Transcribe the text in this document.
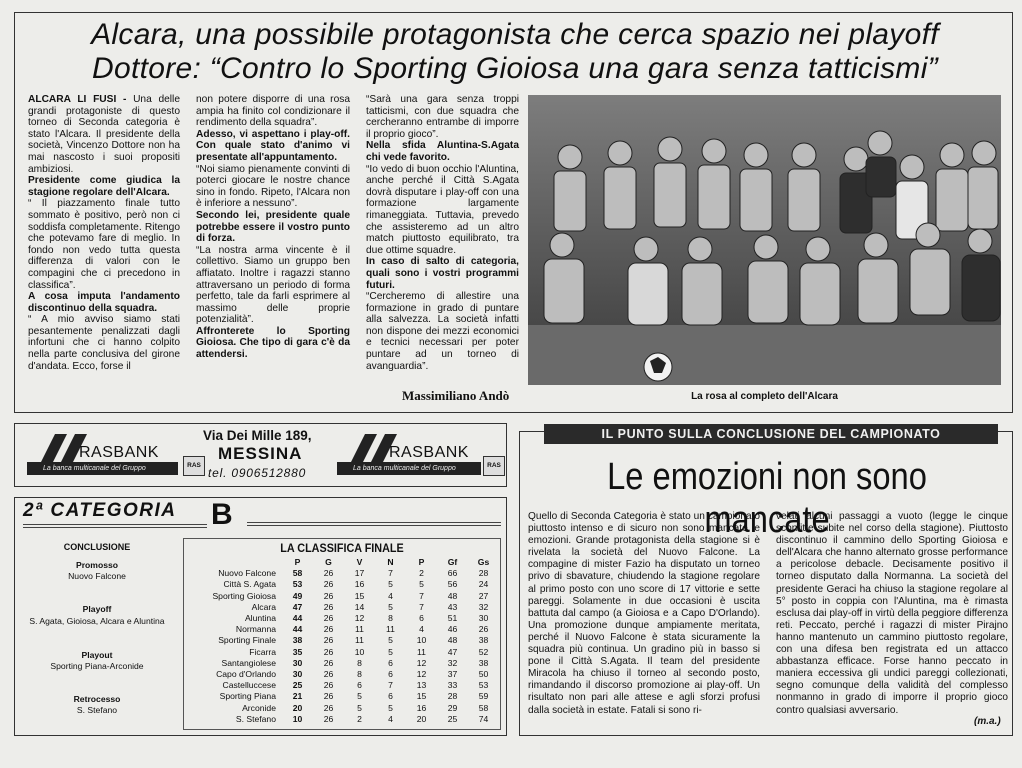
Alcara, una possibile protagonista che cerca spazio nei playoff
Dottore: “Contro lo Sporting Gioiosa una gara senza tatticismi”
ALCARA LI FUSI - Una delle grandi protagoniste di questo torneo di Seconda categoria è stato l'Alcara. Il presidente della società, Vincenzo Dottore non ha mai nascosto i suoi propositi ambiziosi.
Presidente come giudica la stagione regolare dell'Alcara.
“ Il piazzamento finale tutto sommato è positivo, però non ci soddisfa completamente. Ritengo che potevamo fare di meglio. In fondo non vedo tutta questa differenza di valori con le compagini che ci precedono in classifica”.
A cosa imputa l'andamento discontinuo della squadra.
“ A mio avviso siamo stati pesantemente penalizzati dagli infortuni che ci hanno colpito nella parte conclusiva del girone d'andata. Ecco, forse il

non potere disporre di una rosa ampia ha finito col condizionare il rendimento della squadra”.
Adesso, vi aspettano i play-off. Con quale stato d'animo vi presentate all'appuntamento.
“Noi siamo pienamente convinti di poterci giocare le nostre chance sino in fondo. Ripeto, l'Alcara non è inferiore a nessuno”.
Secondo lei, presidente quale potrebbe essere il vostro punto di forza.
“La nostra arma vincente è il collettivo. Siamo un gruppo ben affiatato. Inoltre i ragazzi stanno attraversano un periodo di forma perfetto, tale da farli esprimere al massimo delle proprie potenzialità”.
Affronterete lo Sporting Gioiosa. Che tipo di gara c'è da attendersi.

“Sarà una gara senza troppi tatticismi, con due squadra che cercheranno entrambe di imporre il proprio gioco”.
Nella sfida Aluntina-S.Agata chi vede favorito.
“Io vedo di buon occhio l'Aluntina, anche perché il Città S.Agata dovrà disputare i play-off con una formazione largamente rimaneggiata. Tuttavia, prevedo che assisteremo ad un altro match piuttosto equilibrato, tra due ottime squadre.
In caso di salto di categoria, quali sono i vostri programmi futuri.
“Cercheremo di allestire una formazione in grado di puntare alla salvezza. La società infatti non dispone dei mezzi economici e tecnici necessari per poter puntare ad un torneo di avanguardia”.

Massimiliano Andò	La rosa al completo dell'Alcara
RASBANK
La banca multicanale del Gruppo	RAS
Via Dei Mille 189,
MESSINA
tel. 0906512880
RASBANK
La banca multicanale del Gruppo	RAS
2ª CATEGORIA B
CONCLUSIONE
Promosso
Nuovo Falcone
Playoff
S. Agata, Gioiosa, Alcara e Aluntina
Playout
Sporting Piana-Arconide
Retrocesso
S. Stefano
LA CLASSIFICA FINALE
	P	G	V	N	P	Gf	Gs
Nuovo Falcone	58	26	17	7	2	66	28
Città S. Agata	53	26	16	5	5	56	24
Sporting Gioiosa	49	26	15	4	7	48	27
Alcara	47	26	14	5	7	43	32
Aluntina	44	26	12	8	6	51	30
Normanna	44	26	11	11	4	46	26
Sporting Finale	38	26	11	5	10	48	38
Ficarra	35	26	10	5	11	47	52
Santangiolese	30	26	8	6	12	32	38
Capo d'Orlando	30	26	8	6	12	37	50
Castelluccese	25	26	6	7	13	33	53
Sporting Piana	21	26	5	6	15	28	59
Arconide	20	26	5	5	16	29	58
S. Stefano	10	26	2	4	20	25	74
IL PUNTO SULLA CONCLUSIONE DEL CAMPIONATO
Le emozioni non sono mancate
Quello di Seconda Categoria è stato un campionato piuttosto intenso e di sicuro non sono mancate le emozioni. Grande protagonista della stagione si è rivelata la società del Nuovo Falcone. La compagine di mister Fazio ha disputato un torneo privo di sbavature, chiudendo la stagione regolare al primo posto con uno score di 17 vittorie e sette pareggi. Solamente in due occasioni è uscita battuta dal campo (a Gioiosa e a Capo D'Orlando). Una promozione dunque ampiamente meritata, perché il Nuovo Falcone è stata sicuramente la squadra più continua. Un gradino più in basso si pone il Città S.Agata. Il team del presidente Miracola ha chiuso il torneo al secondo posto, rimandando il discorso promozione ai play-off. Un risultato non pari alle attese e agli sforzi profusi dalla società in estate. Fatali si sono ri-
velati alcuni passaggi a vuoto (legge le cinque sconfitte subite nel corso della stagione). Piuttosto discontinuo il cammino dello Sporting Gioiosa e dell'Alcara che hanno alternato grosse performance a pericolose debacle. Decisamente positivo il torneo disputato dalla Normanna. La società del presidente Geraci ha chiuso la stagione regolare al 5° posto in coppia con l'Aluntina, ma è rimasta esclusa dai play-off in virtù della peggiore differenza reti. Peccato, perché i ragazzi di mister Pirajno hanno mantenuto un cammino piuttosto regolare, con una difesa ben registrata ed un attacco abbastanza efficace. Forse hanno peccato in maniera eccessiva gli undici pareggi collezionati, segno comunque della validità del complesso nonmanno in grado di imporre il proprio gioco contro qualsiasi avversario.
(m.a.)
